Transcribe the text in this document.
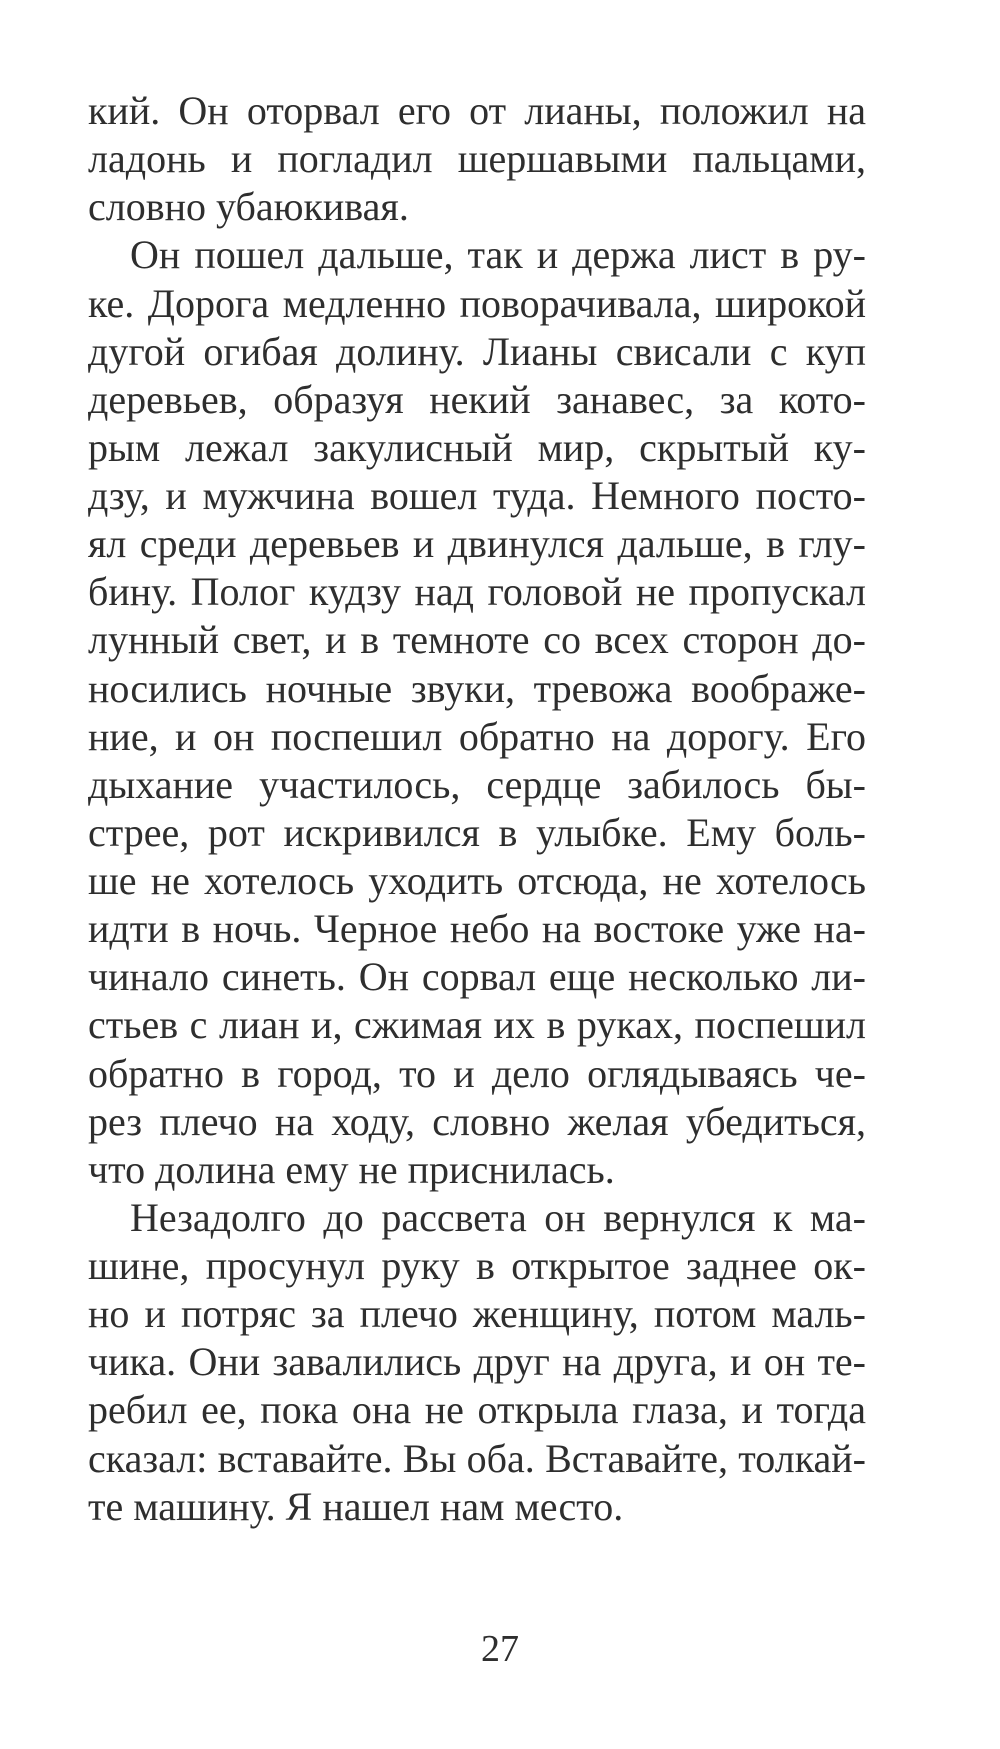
кий. Он оторвал его от лианы, положил на
ладонь и погладил шершавыми пальцами,
словно убаюкивая.
Он пошел дальше, так и держа лист в ру-
ке. Дорога медленно поворачивала, широкой
дугой огибая долину. Лианы свисали с куп
деревьев, образуя некий занавес, за кото-
рым лежал закулисный мир, скрытый ку-
дзу, и мужчина вошел туда. Немного посто-
ял среди деревьев и двинулся дальше, в глу-
бину. Полог кудзу над головой не пропускал
лунный свет, и в темноте со всех сторон до-
носились ночные звуки, тревожа воображе-
ние, и он поспешил обратно на дорогу. Его
дыхание участилось, сердце забилось бы-
стрее, рот искривился в улыбке. Ему боль-
ше не хотелось уходить отсюда, не хотелось
идти в ночь. Черное небо на востоке уже на-
чинало синеть. Он сорвал еще несколько ли-
стьев с лиан и, сжимая их в руках, поспешил
обратно в город, то и дело оглядываясь че-
рез плечо на ходу, словно желая убедиться,
что долина ему не приснилась.
Незадолго до рассвета он вернулся к ма-
шине, просунул руку в открытое заднее ок-
но и потряс за плечо женщину, потом маль-
чика. Они завалились друг на друга, и он те-
ребил ее, пока она не открыла глаза, и тогда
сказал: вставайте. Вы оба. Вставайте, толкай-
те машину. Я нашел нам место.
27
